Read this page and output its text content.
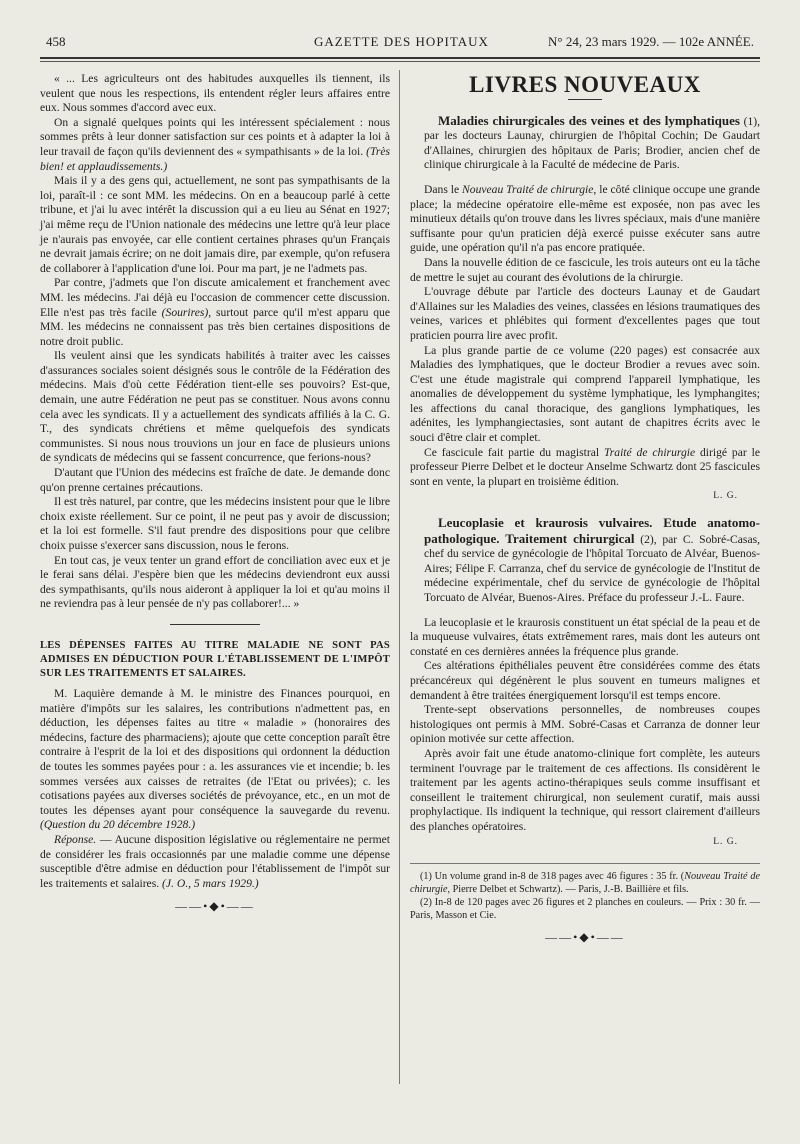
458	GAZETTE DES HOPITAUX	N° 24, 23 mars 1929. — 102e ANNÉE.

« ... Les agriculteurs ont des habitudes auxquelles ils tiennent, ils veulent que nous les respections, ils entendent régler leurs affaires entre eux. Nous sommes d'accord avec eux.

On a signalé quelques points qui les intéressent spécialement : nous sommes prêts à leur donner satisfaction sur ces points et à adapter la loi à leur travail de façon qu'ils deviennent des « sympathisants » de la loi. (Très bien! et applaudissements.)

Mais il y a des gens qui, actuellement, ne sont pas sympathisants de la loi, paraît-il : ce sont MM. les médecins. On en a beaucoup parlé à cette tribune, et j'ai lu avec intérêt la discussion qui a eu lieu au Sénat en 1927; j'ai même reçu de l'Union nationale des médecins une lettre qu'à leur place je n'aurais pas envoyée, car elle contient certaines phrases qu'un Français ne devrait jamais écrire; on ne doit jamais dire, par exemple, qu'on refusera de collaborer à l'application d'une loi. Pour ma part, je ne l'admets pas.

Par contre, j'admets que l'on discute amicalement et franchement avec MM. les médecins. J'ai déjà eu l'occasion de commencer cette discussion. Elle n'est pas très facile (Sourires), surtout parce qu'il m'est apparu que MM. les médecins ne connaissent pas très bien certaines dispositions de notre droit public.

Ils veulent ainsi que les syndicats habilités à traiter avec les caisses d'assurances sociales soient désignés sous le contrôle de la Fédération des médecins. Mais d'où cette Fédération tient-elle ses pouvoirs? Est-que, demain, une autre Fédération ne peut pas se constituer. Nous avons connu cela avec les syndicats. Il y a actuellement des syndicats affiliés à la C. G. T., des syndicats chrétiens et même quelquefois des syndicats communistes. Si nous nous trouvions un jour en face de plusieurs unions de syndicats de médecins qui se fassent concurrence, que ferions-nous?

D'autant que l'Union des médecins est fraîche de date. Je demande donc qu'on prenne certaines précautions.

Il est très naturel, par contre, que les médecins insistent pour que le libre choix existe réellement. Sur ce point, il ne peut pas y avoir de discussion; et la loi est formelle. S'il faut prendre des dispositions pour que celibre choix puisse s'exercer sans discussion, nous le ferons.

En tout cas, je veux tenter un grand effort de conciliation avec eux et je le ferai sans délai. J'espère bien que les médecins deviendront eux aussi des sympathisants, qu'ils nous aideront à appliquer la loi et qu'au moins il ne reviendra pas à leur pensée de n'y pas collaborer!... »

LES DÉPENSES FAITES AU TITRE MALADIE NE SONT PAS ADMISES EN DÉDUCTION POUR L'ÉTABLISSEMENT DE L'IMPÔT SUR LES TRAITEMENTS ET SALAIRES.

M. Laquière demande à M. le ministre des Finances pourquoi, en matière d'impôts sur les salaires, les contributions n'admettent pas, en déduction, les dépenses faites au titre « maladie » (honoraires des médecins, facture des pharmaciens); ajoute que cette conception paraît être contraire à l'esprit de la loi et des dispositions qui ordonnent la déduction de toutes les sommes payées pour : a. les assurances vie et incendie; b. les sommes versées aux caisses de retraites (de l'Etat ou privées); c. les cotisations payées aux diverses sociétés de prévoyance, etc., en un mot de toutes les dépenses ayant pour conséquence la sauvegarde du revenu. (Question du 20 décembre 1928.)

Réponse. — Aucune disposition législative ou réglementaire ne permet de considérer les frais occasionnés par une maladie comme une dépense susceptible d'être admise en déduction pour l'établissement de l'impôt sur les traitements et salaires. (J. O., 5 mars 1929.)

——•◆•——
LIVRES NOUVEAUX

Maladies chirurgicales des veines et des lymphatiques (1), par les docteurs Launay, chirurgien de l'hôpital Cochin; De Gaudart d'Allaines, chirurgien des hôpitaux de Paris; Brodier, ancien chef de clinique chirurgicale à la Faculté de médecine de Paris.

Dans le Nouveau Traité de chirurgie, le côté clinique occupe une grande place; la médecine opératoire elle-même est exposée, non pas avec les minutieux détails qu'on trouve dans les livres spéciaux, mais d'une manière suffisante pour qu'un praticien déjà exercé puisse exécuter sans autre guide, une opération qu'il n'a pas encore pratiquée.

Dans la nouvelle édition de ce fascicule, les trois auteurs ont eu la tâche de mettre le sujet au courant des évolutions de la chirurgie.

L'ouvrage débute par l'article des docteurs Launay et de Gaudart d'Allaines sur les Maladies des veines, classées en lésions traumatiques des veines, varices et phlébites qui forment d'excellentes pages que tout praticien pourra lire avec profit.

La plus grande partie de ce volume (220 pages) est consacrée aux Maladies des lymphatiques, que le docteur Brodier a revues avec soin. C'est une étude magistrale qui comprend l'appareil lymphatique, les anomalies de développement du système lymphatique, les lymphangites; les affections du canal thoracique, des ganglions lymphatiques, les adénites, les lymphangiectasies, sont autant de chapitres écrits avec le souci d'être clair et complet.

Ce fascicule fait partie du magistral Traité de chirurgie dirigé par le professeur Pierre Delbet et le docteur Anselme Schwartz dont 25 fascicules sont en vente, la plupart en troisième édition.

L. G.

Leucoplasie et kraurosis vulvaires. Etude anatomo-pathologique. Traitement chirurgical (2), par C. Sobré-Casas, chef du service de gynécologie de l'hôpital Torcuato de Alvéar, Buenos-Aires; Félipe F. Carranza, chef du service de gynécologie de l'Institut de médecine expérimentale, chef du service de gynécologie de l'hôpital Torcuato de Alvéar, Buenos-Aires. Préface du professeur J.-L. Faure.

La leucoplasie et le kraurosis constituent un état spécial de la peau et de la muqueuse vulvaires, états extrêmement rares, mais dont les auteurs ont constaté en ces dernières années la fréquence plus grande.

Ces altérations épithéliales peuvent être considérées comme des états précancéreux qui dégénèrent le plus souvent en tumeurs malignes et demandent à être traitées énergiquement lorsqu'il est temps encore.

Trente-sept observations personnelles, de nombreuses coupes histologiques ont permis à MM. Sobré-Casas et Carranza de donner leur opinion motivée sur cette affection.

Après avoir fait une étude anatomo-clinique fort complète, les auteurs terminent l'ouvrage par le traitement de ces affections. Ils considèrent le traitement par les agents actino-thérapiques seuls comme insuffisant et conseillent le traitement chirurgical, non seulement curatif, mais aussi prophylactique. Ils indiquent la technique, qui ressort clairement d'ailleurs des planches opératoires.

L. G.

(1) Un volume grand in-8 de 318 pages avec 46 figures : 35 fr. (Nouveau Traité de chirurgie, Pierre Delbet et Schwartz). — Paris, J.-B. Baillière et fils.

(2) In-8 de 120 pages avec 26 figures et 2 planches en couleurs. — Prix : 30 fr. — Paris, Masson et Cie.

——•◆•——
